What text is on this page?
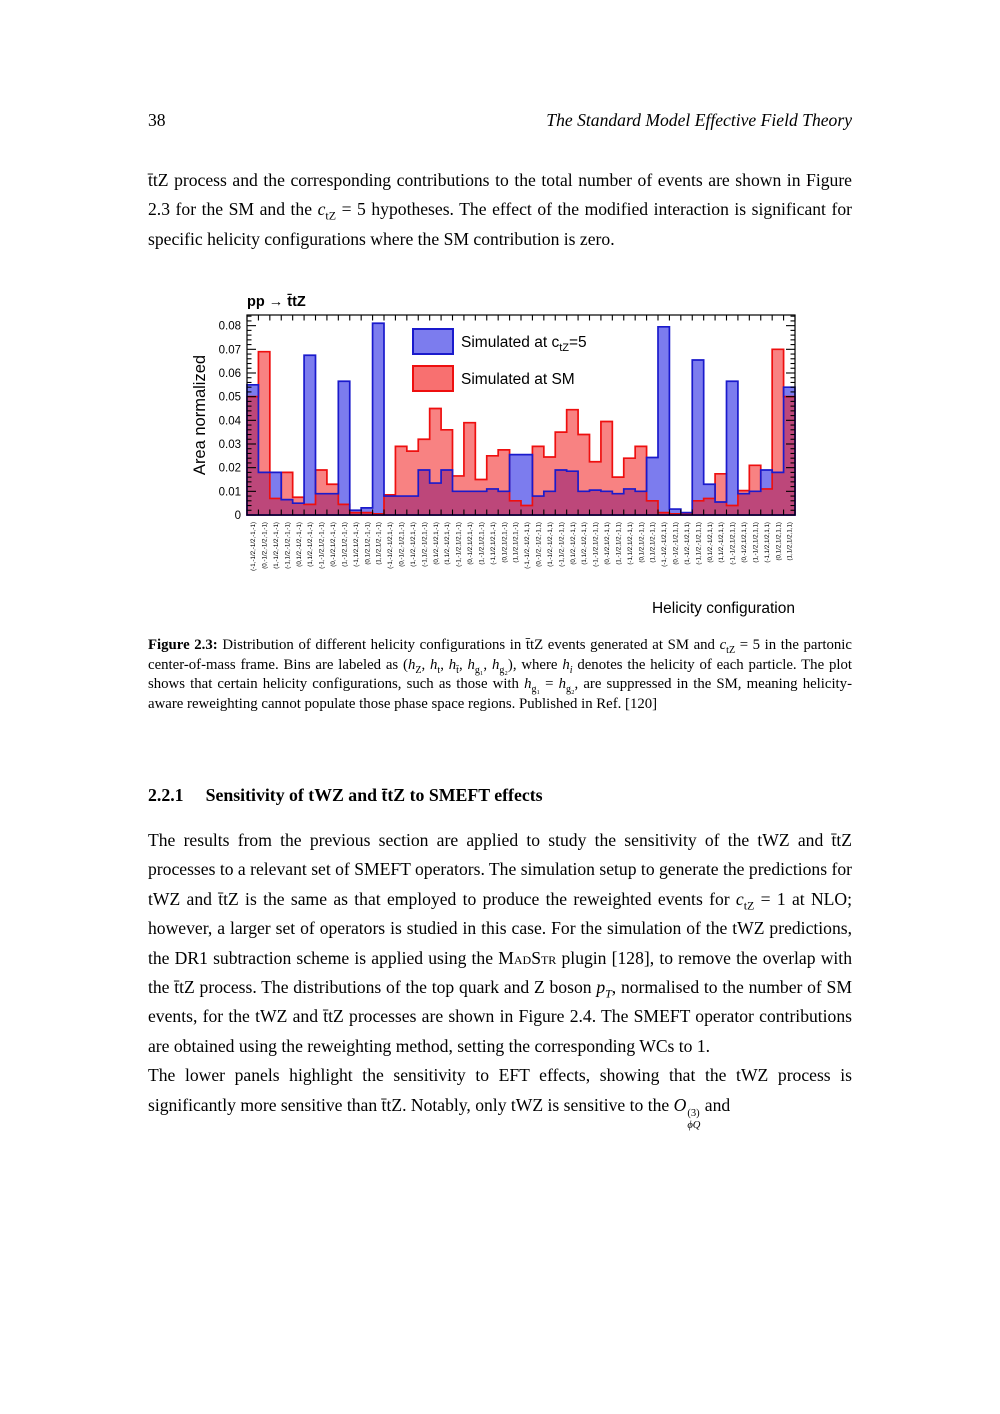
38	The Standard Model Effective Field Theory

t̄tZ process and the corresponding contributions to the total number of events are shown in Figure 2.3 for the SM and the $c_{tZ} = 5$ hypotheses. The effect of the modified interaction is significant for specific helicity configurations where the SM contribution is zero.

pp → t̄tZ
0
0.01
0.02
0.03
0.04
0.05
0.06
0.07
0.08
(-1,-1/2,-1/2,-1,-1) (0,-1/2,-1/2,-1,-1) (1,-1/2,-1/2,-1,-1) (-1,1/2,-1/2,-1,-1) (0,1/2,-1/2,-1,-1) (1,1/2,-1/2,-1,-1) (-1,-1/2,1/2,-1,-1) (0,-1/2,1/2,-1,-1) (1,-1/2,1/2,-1,-1) (-1,1/2,1/2,-1,-1) (0,1/2,1/2,-1,-1) (1,1/2,1/2,-1,-1) (-1,-1/2,-1/2,1,-1) (0,-1/2,-1/2,1,-1) (1,-1/2,-1/2,1,-1) (-1,1/2,-1/2,1,-1) (0,1/2,-1/2,1,-1) (1,1/2,-1/2,1,-1) (-1,-1/2,1/2,1,-1) (0,-1/2,1/2,1,-1) (1,-1/2,1/2,1,-1) (-1,1/2,1/2,1,-1) (0,1/2,1/2,1,-1) (1,1/2,1/2,1,-1) (-1,-1/2,-1/2,-1,1) (0,-1/2,-1/2,-1,1) (1,-1/2,-1/2,-1,1) (-1,1/2,-1/2,-1,1) (0,1/2,-1/2,-1,1) (1,1/2,-1/2,-1,1) (-1,-1/2,1/2,-1,1) (0,-1/2,1/2,-1,1) (1,-1/2,1/2,-1,1) (-1,1/2,1/2,-1,1) (0,1/2,1/2,-1,1) (1,1/2,1/2,-1,1) (-1,-1/2,-1/2,1,1) (0,-1/2,-1/2,1,1) (1,-1/2,-1/2,1,1) (-1,1/2,-1/2,1,1) (0,1/2,-1/2,1,1) (1,1/2,-1/2,1,1) (-1,-1/2,1/2,1,1) (0,-1/2,1/2,1,1) (1,-1/2,1/2,1,1) (-1,1/2,1/2,1,1) (0,1/2,1/2,1,1) (1,1/2,1/2,1,1)
Area normalized
Helicity configuration
Simulated at $c_{tZ}=5$
Simulated at SM

Figure 2.3: Distribution of different helicity configurations in t̄tZ events generated at SM and $c_{tZ} = 5$ in the partonic center-of-mass frame. Bins are labeled as ($h_Z$, $h_t$, $h_{t̄}$, $h_{g_1}$, $h_{g_2}$), where $h_i$ denotes the helicity of each particle. The plot shows that certain helicity configurations, such as those with $h_{g_1} = h_{g_2}$, are suppressed in the SM, meaning helicity-aware reweighting cannot populate those phase space regions. Published in Ref. [120]

2.2.1 Sensitivity of tWZ and t̄tZ to SMEFT effects

The results from the previous section are applied to study the sensitivity of the tWZ and t̄tZ processes to a relevant set of SMEFT operators. The simulation setup to generate the predictions for tWZ and t̄tZ is the same as that employed to produce the reweighted events for $c_{tZ} = 1$ at NLO; however, a larger set of operators is studied in this case. For the simulation of the tWZ predictions, the DR1 subtraction scheme is applied using the MadStr plugin [128], to remove the overlap with the t̄tZ process. The distributions of the top quark and Z boson $p_T$, normalised to the number of SM events, for the tWZ and t̄tZ processes are shown in Figure 2.4. The SMEFT operator contributions are obtained using the reweighting method, setting the corresponding WCs to 1.

The lower panels highlight the sensitivity to EFT effects, showing that the tWZ process is significantly more sensitive than t̄tZ. Notably, only tWZ is sensitive to the O (3)
ϕQ
and
